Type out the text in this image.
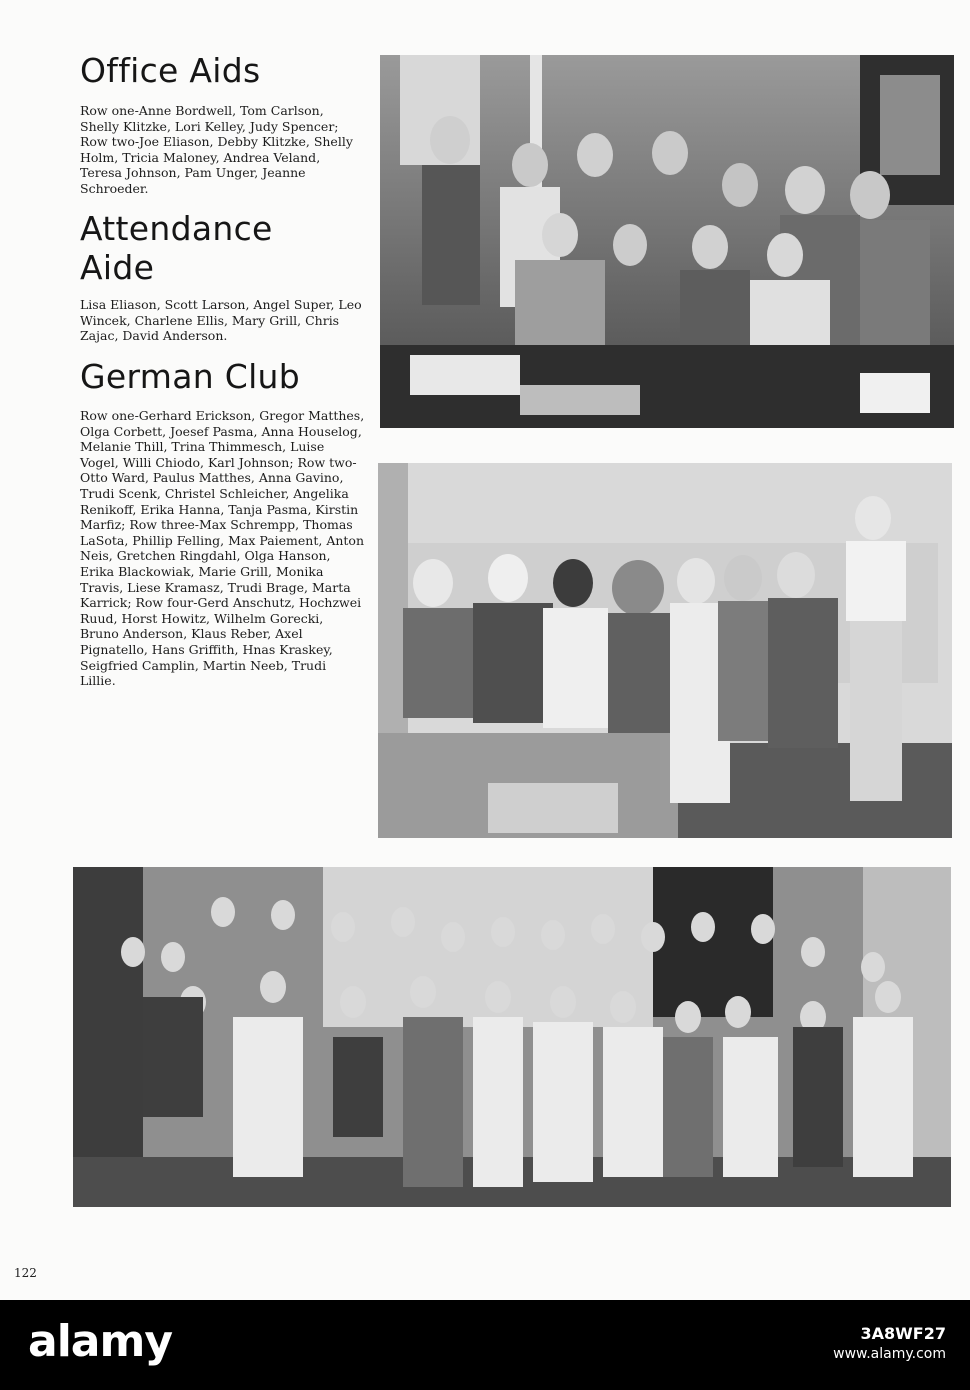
Office Aids

Row one-Anne Bordwell, Tom Carlson, Shelly Klitzke, Lori Kelley, Judy Spencer; Row two-Joe Eliason, Debby Klitzke, Shelly Holm, Tricia Maloney, Andrea Veland, Teresa Johnson, Pam Unger, Jeanne Schroeder.

Attendance
Aide

Lisa Eliason, Scott Larson, Angel Super, Leo Wincek, Charlene Ellis, Mary Grill, Chris Zajac, David Anderson.

German Club

Row one-Gerhard Erickson, Gregor Matthes, Olga Corbett, Joesef Pasma, Anna Houselog, Melanie Thill, Trina Thimmesch, Luise Vogel, Willi Chiodo, Karl Johnson; Row two-Otto Ward, Paulus Matthes, Anna Gavino, Trudi Scenk, Christel Schleicher, Angelika Renikoff, Erika Hanna, Tanja Pasma, Kirstin Marfiz; Row three-Max Schrempp, Thomas LaSota, Phillip Felling, Max Paiement, Anton Neis, Gretchen Ringdahl, Olga Hanson, Erika Blackowiak, Marie Grill, Monika Travis, Liese Kramasz, Trudi Brage, Marta Karrick; Row four-Gerd Anschutz, Hochzwei Ruud, Horst Howitz, Wilhelm Gorecki, Bruno Anderson, Klaus Reber, Axel Pignatello, Hans Griffith, Hnas Kraskey, Seigfried Camplin, Martin Neeb, Trudi Lillie.

122
alamy	3A8WF27
www.alamy.com
